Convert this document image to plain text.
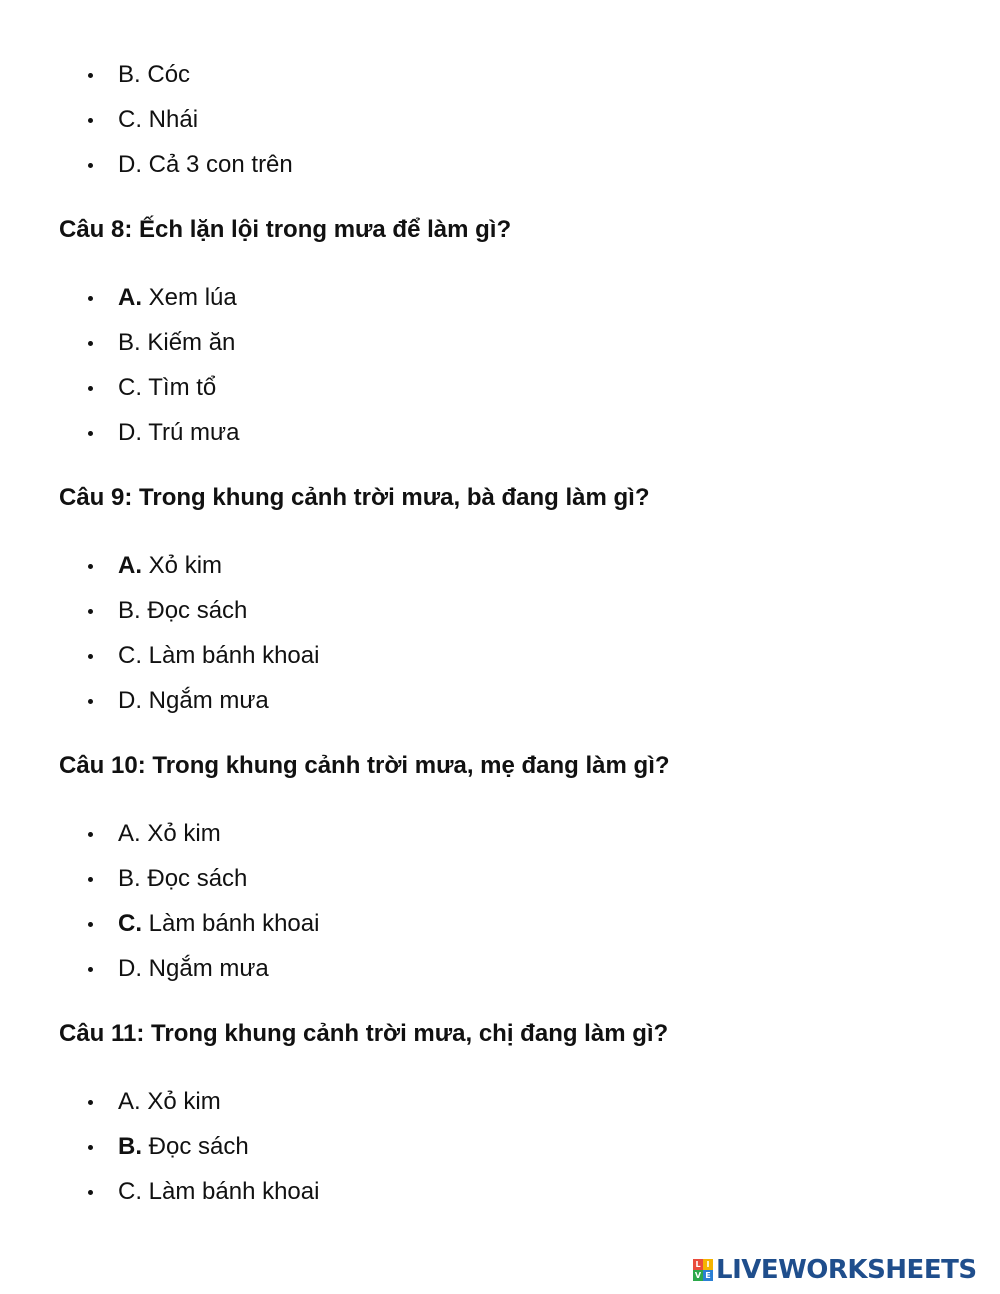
B. Cóc
C. Nhái
D. Cả 3 con trên
Câu 8: Ếch lặn lội trong mưa để làm gì?
A. Xem lúa
B. Kiếm ăn
C. Tìm tổ
D. Trú mưa
Câu 9: Trong khung cảnh trời mưa, bà đang làm gì?
A. Xỏ kim
B. Đọc sách
C. Làm bánh khoai
D. Ngắm mưa
Câu 10: Trong khung cảnh trời mưa, mẹ đang làm gì?
A. Xỏ kim
B. Đọc sách
C. Làm bánh khoai
D. Ngắm mưa
Câu 11: Trong khung cảnh trời mưa, chị đang làm gì?
A. Xỏ kim
B. Đọc sách
C. Làm bánh khoai
L I
V E LIVEWORKSHEETS
